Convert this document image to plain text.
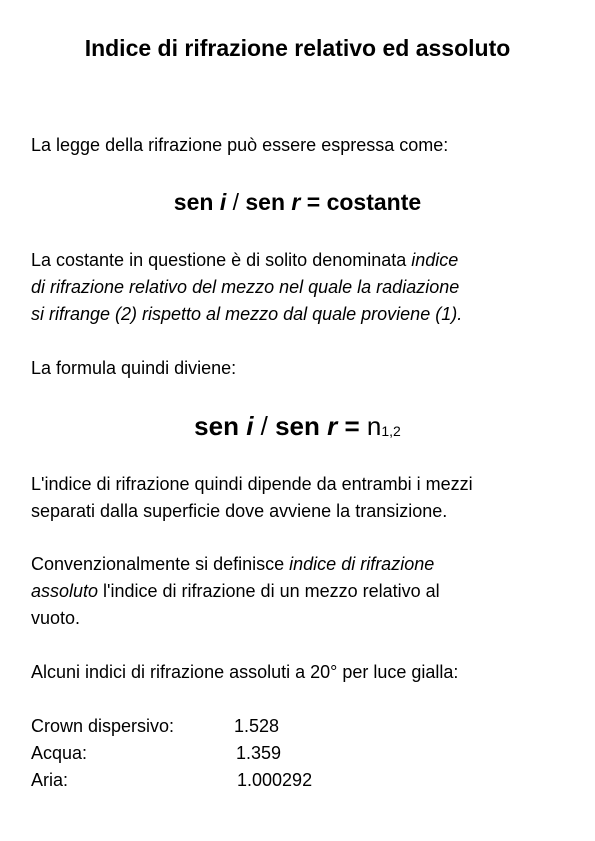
Indice di rifrazione relativo ed assoluto
La legge della rifrazione può essere espressa come:
sen i / sen r = costante
La costante in questione è di solito denominata indice
di rifrazione relativo del mezzo nel quale la radiazione
si rifrange (2) rispetto al mezzo dal quale proviene (1).
La formula quindi diviene:
sen i / sen r = n1,2
L'indice di rifrazione quindi dipende da entrambi i mezzi
separati dalla superficie dove avviene la transizione.
Convenzionalmente si definisce indice di rifrazione
assoluto l'indice di rifrazione di un mezzo relativo al
vuoto.
Alcuni indici di rifrazione assoluti a 20° per luce gialla:
Crown dispersivo:	1.528
Acqua:	1.359
Aria:	1.000292
